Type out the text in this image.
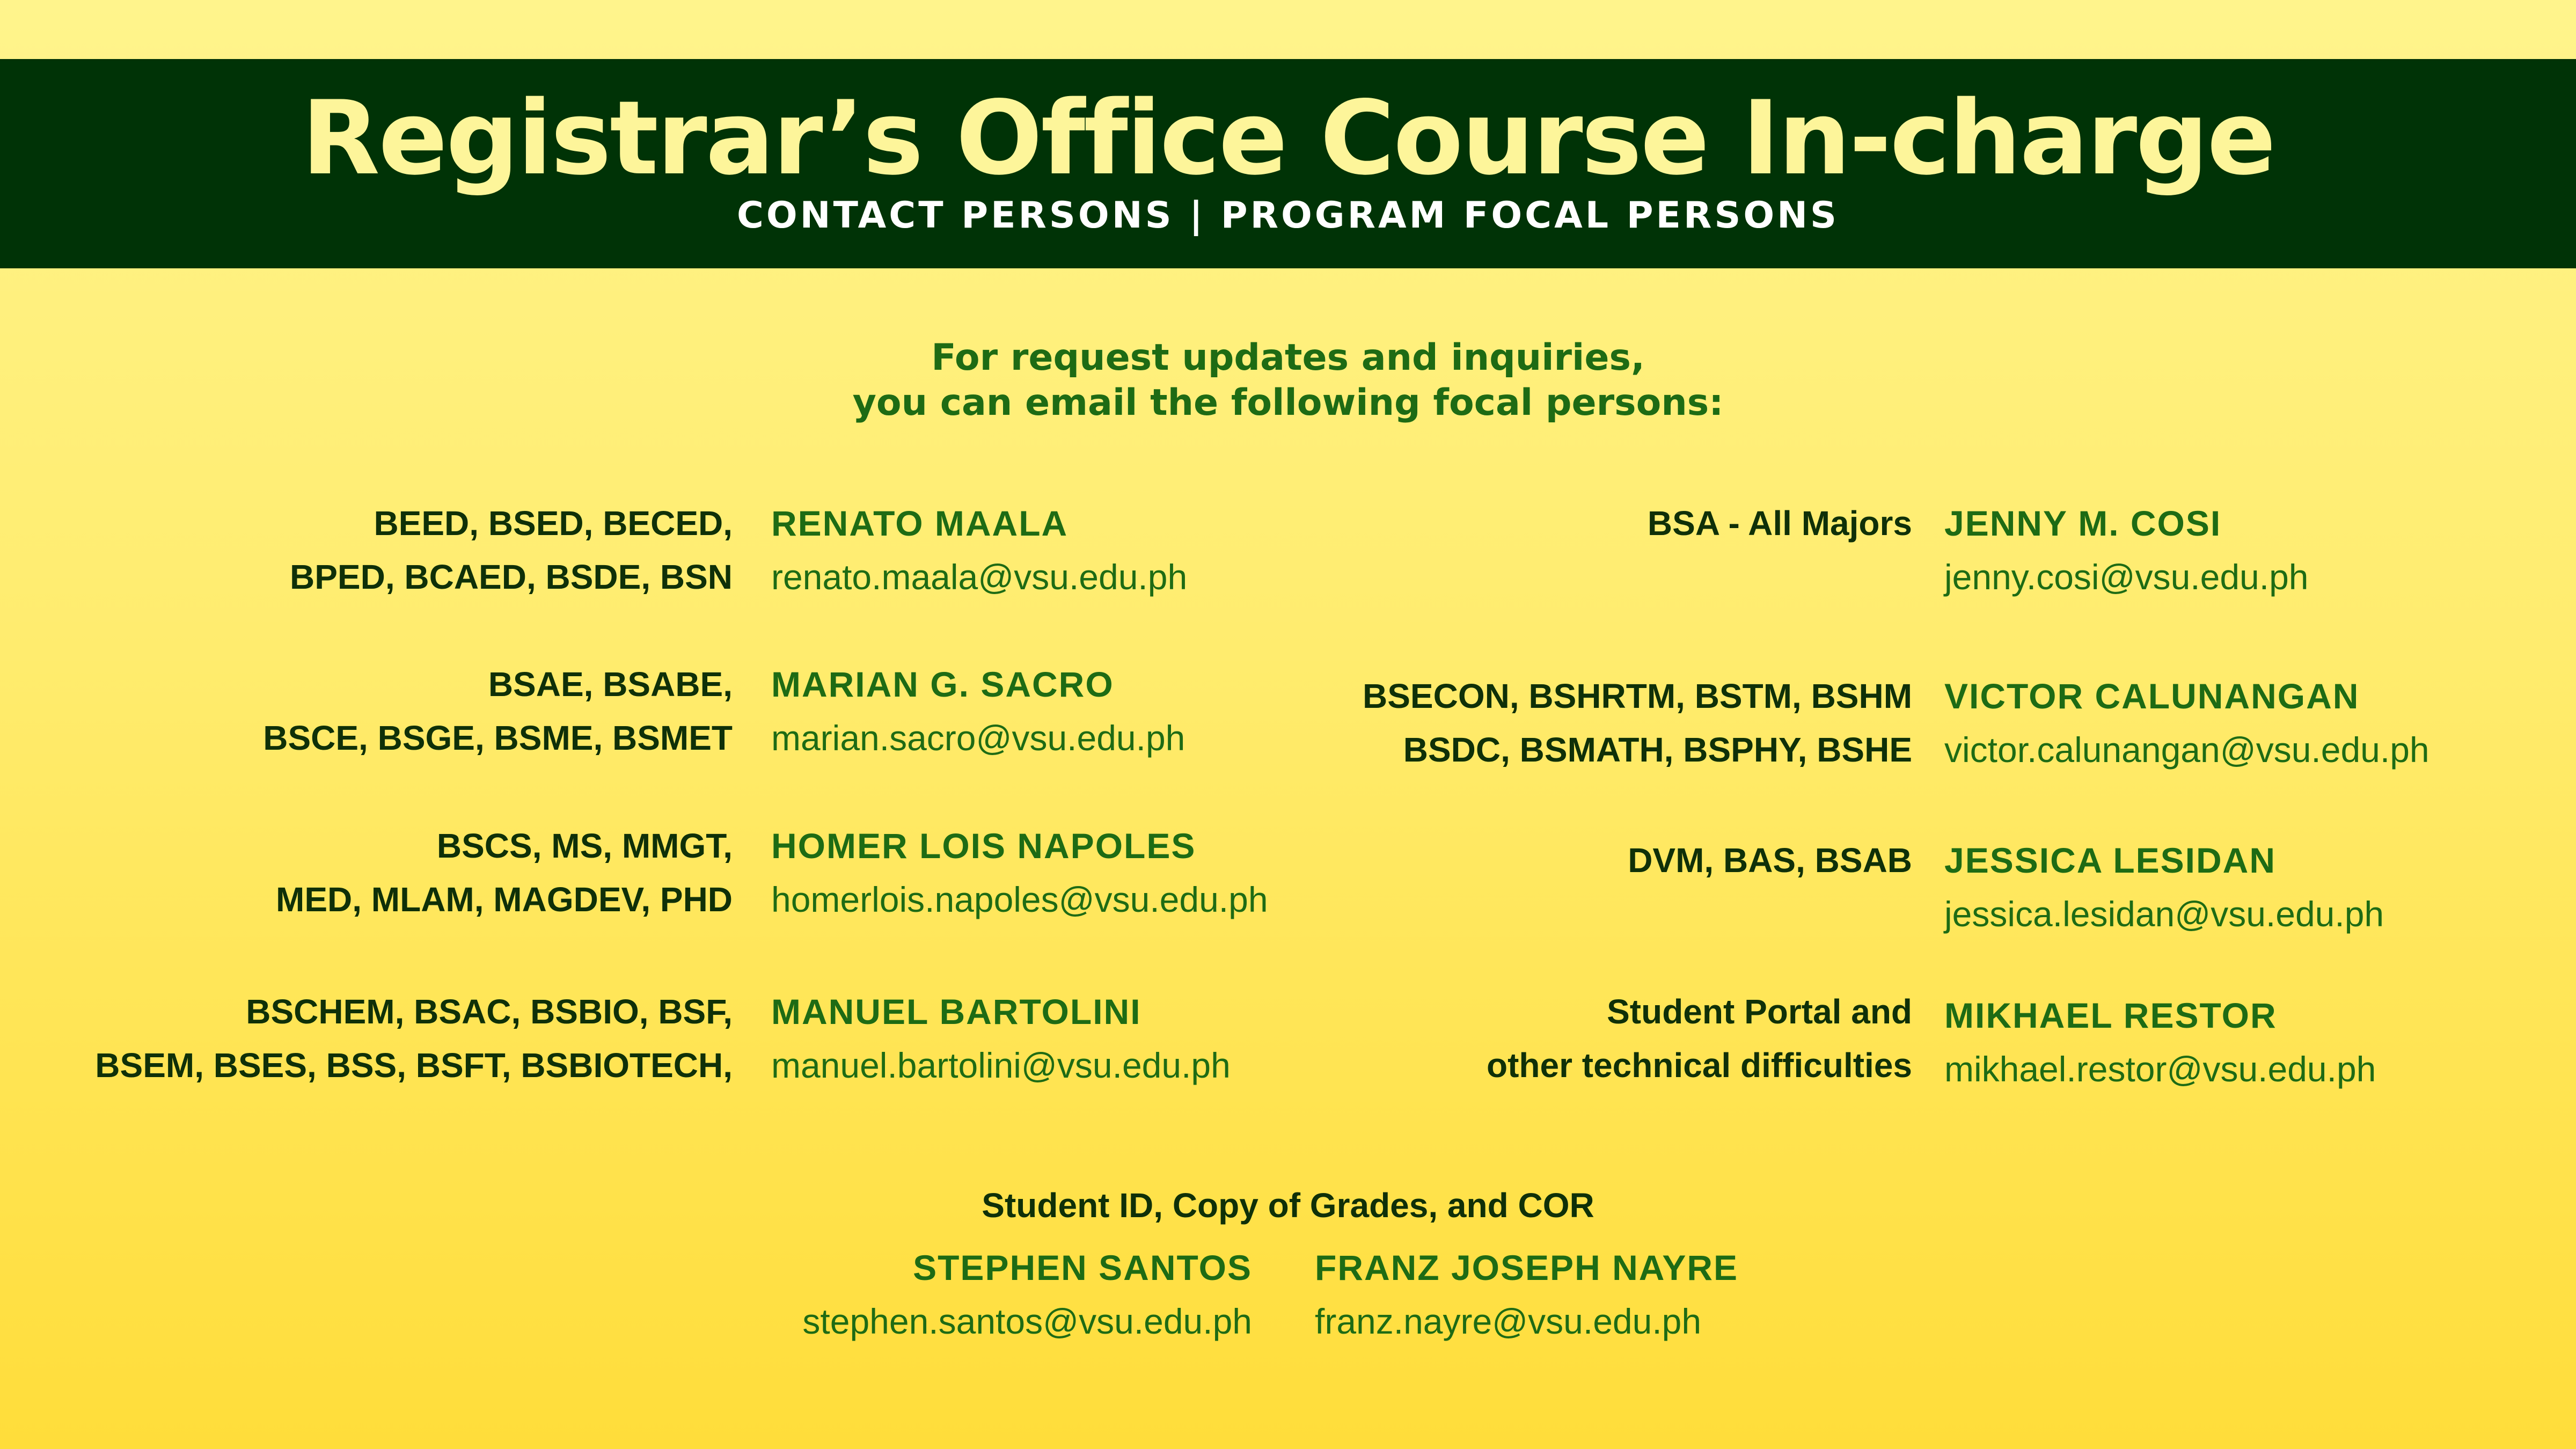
Registrar’s Office Course In-charge
CONTACT PERSONS | PROGRAM FOCAL PERSONS
For request updates and inquiries,
you can email the following focal persons:
BEED, BSED, BECED,
BPED, BCAED, BSDE, BSN
RENATO MAALA
renato.maala@vsu.edu.ph
BSAE, BSABE,
BSCE, BSGE, BSME, BSMET
MARIAN G. SACRO
marian.sacro@vsu.edu.ph
BSCS, MS, MMGT,
MED, MLAM, MAGDEV, PHD
HOMER LOIS NAPOLES
homerlois.napoles@vsu.edu.ph
BSCHEM, BSAC, BSBIO, BSF,
BSEM, BSES, BSS, BSFT, BSBIOTECH,
MANUEL BARTOLINI
manuel.bartolini@vsu.edu.ph
BSA - All Majors JENNY M. COSI
jenny.cosi@vsu.edu.ph
BSECON, BSHRTM, BSTM, BSHM
BSDC, BSMATH, BSPHY, BSHE
VICTOR CALUNANGAN
victor.calunangan@vsu.edu.ph
DVM, BAS, BSAB JESSICA LESIDAN
jessica.lesidan@vsu.edu.ph
Student Portal and
other technical difficulties
MIKHAEL RESTOR
mikhael.restor@vsu.edu.ph
Student ID, Copy of Grades, and COR
STEPHEN SANTOS
stephen.santos@vsu.edu.ph
FRANZ JOSEPH NAYRE
franz.nayre@vsu.edu.ph
